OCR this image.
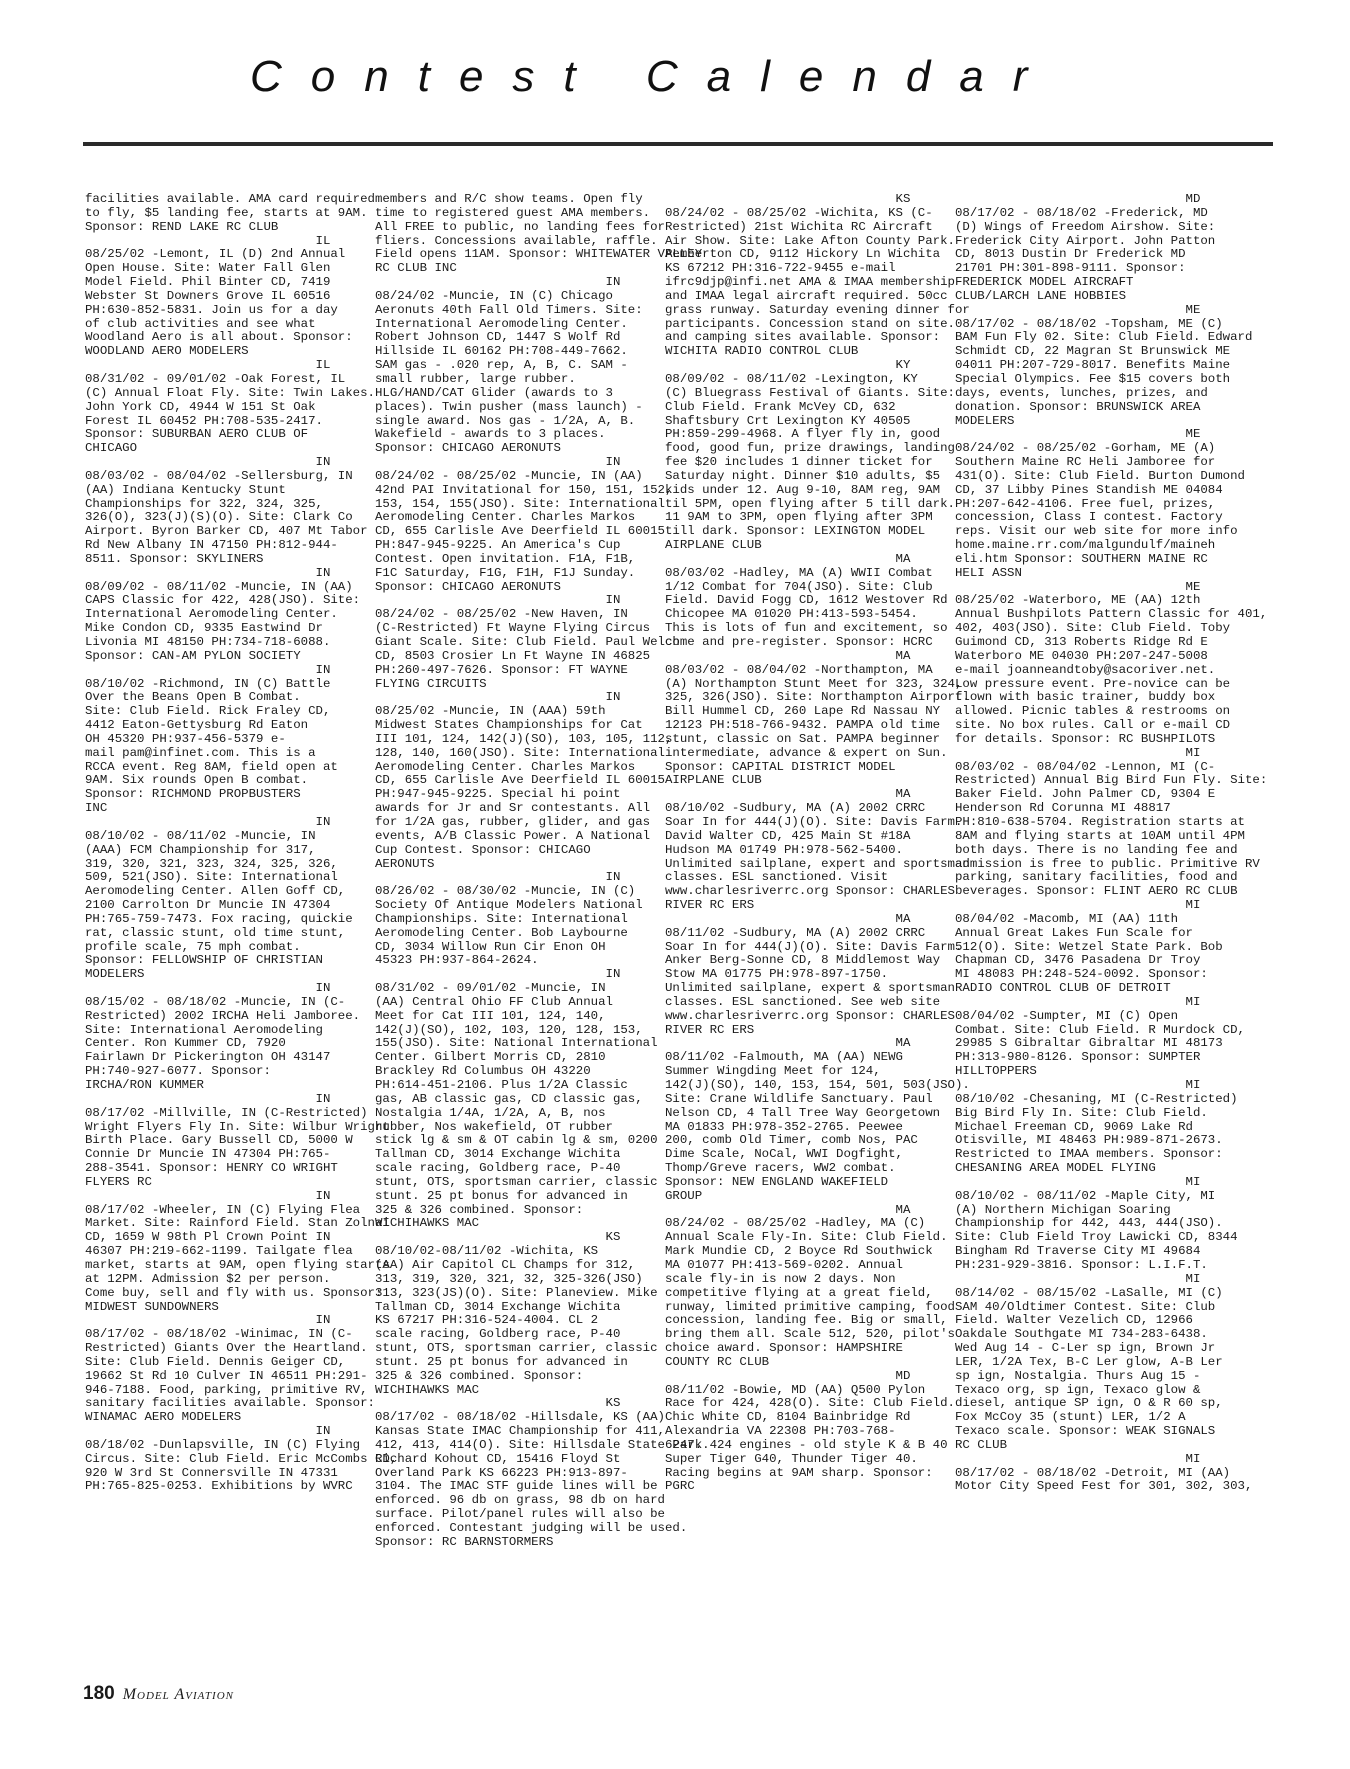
Contest Calendar
facilities available. AMA card required
to fly, $5 landing fee, starts at 9AM.
Sponsor: REND LAKE RC CLUB
IL
08/25/02 -Lemont, IL (D) 2nd Annual
Open House. Site: Water Fall Glen
Model Field. Phil Binter CD, 7419
Webster St Downers Grove IL 60516
PH:630-852-5831. Join us for a day
of club activities and see what
Woodland Aero is all about. Sponsor:
WOODLAND AERO MODELERS
IL
08/31/02 - 09/01/02 -Oak Forest, IL
(C) Annual Float Fly. Site: Twin Lakes.
John York CD, 4944 W 151 St Oak
Forest IL 60452 PH:708-535-2417.
Sponsor: SUBURBAN AERO CLUB OF
CHICAGO
IN
08/03/02 - 08/04/02 -Sellersburg, IN
(AA) Indiana Kentucky Stunt
Championships for 322, 324, 325,
326(O), 323(J)(S)(O). Site: Clark Co
Airport. Byron Barker CD, 407 Mt Tabor
Rd New Albany IN 47150 PH:812-944-
8511. Sponsor: SKYLINERS
IN
08/09/02 - 08/11/02 -Muncie, IN (AA)
CAPS Classic for 422, 428(JSO). Site:
International Aeromodeling Center.
Mike Condon CD, 9335 Eastwind Dr
Livonia MI 48150 PH:734-718-6088.
Sponsor: CAN-AM PYLON SOCIETY
IN
08/10/02 -Richmond, IN (C) Battle
Over the Beans Open B Combat.
Site: Club Field. Rick Fraley CD,
4412 Eaton-Gettysburg Rd Eaton
OH 45320 PH:937-456-5379 e-
mail pam@infinet.com. This is a
RCCA event. Reg 8AM, field open at
9AM. Six rounds Open B combat.
Sponsor: RICHMOND PROPBUSTERS
INC
IN
08/10/02 - 08/11/02 -Muncie, IN
(AAA) FCM Championship for 317,
319, 320, 321, 323, 324, 325, 326,
509, 521(JSO). Site: International
Aeromodeling Center. Allen Goff CD,
2100 Carrolton Dr Muncie IN 47304
PH:765-759-7473. Fox racing, quickie
rat, classic stunt, old time stunt,
profile scale, 75 mph combat.
Sponsor: FELLOWSHIP OF CHRISTIAN
MODELERS
IN
08/15/02 - 08/18/02 -Muncie, IN (C-
Restricted) 2002 IRCHA Heli Jamboree.
Site: International Aeromodeling
Center. Ron Kummer CD, 7920
Fairlawn Dr Pickerington OH 43147
PH:740-927-6077. Sponsor:
IRCHA/RON KUMMER
IN
08/17/02 -Millville, IN (C-Restricted)
Wright Flyers Fly In. Site: Wilbur Wright
Birth Place. Gary Bussell CD, 5000 W
Connie Dr Muncie IN 47304 PH:765-
288-3541. Sponsor: HENRY CO WRIGHT
FLYERS RC
IN
08/17/02 -Wheeler, IN (C) Flying Flea
Market. Site: Rainford Field. Stan Zolnai
CD, 1659 W 98th Pl Crown Point IN
46307 PH:219-662-1199. Tailgate flea
market, starts at 9AM, open flying starts
at 12PM. Admission $2 per person.
Come buy, sell and fly with us. Sponsor:
MIDWEST SUNDOWNERS
IN
08/17/02 - 08/18/02 -Winimac, IN (C-
Restricted) Giants Over the Heartland.
Site: Club Field. Dennis Geiger CD,
19662 St Rd 10 Culver IN 46511 PH:291-
946-7188. Food, parking, primitive RV,
sanitary facilities available. Sponsor:
WINAMAC AERO MODELERS
IN
08/18/02 -Dunlapsville, IN (C) Flying
Circus. Site: Club Field. Eric McCombs CD,
920 W 3rd St Connersville IN 47331
PH:765-825-0253. Exhibitions by WVRC
members and R/C show teams. Open fly
time to registered guest AMA members.
All FREE to public, no landing fees for
fliers. Concessions available, raffle.
Field opens 11AM. Sponsor: WHITEWATER VALLEY
RC CLUB INC
IN
08/24/02 -Muncie, IN (C) Chicago
Aeronuts 40th Fall Old Timers. Site:
International Aeromodeling Center.
Robert Johnson CD, 1447 S Wolf Rd
Hillside IL 60162 PH:708-449-7662.
SAM gas - .020 rep, A, B, C. SAM -
small rubber, large rubber.
HLG/HAND/CAT Glider (awards to 3
places). Twin pusher (mass launch) -
single award. Nos gas - 1/2A, A, B.
Wakefield - awards to 3 places.
Sponsor: CHICAGO AERONUTS
IN
08/24/02 - 08/25/02 -Muncie, IN (AA)
42nd PAI Invitational for 150, 151, 152,
153, 154, 155(JSO). Site: International
Aeromodeling Center. Charles Markos
CD, 655 Carlisle Ave Deerfield IL 60015
PH:847-945-9225. An America's Cup
Contest. Open invitation. F1A, F1B,
F1C Saturday, F1G, F1H, F1J Sunday.
Sponsor: CHICAGO AERONUTS
IN
08/24/02 - 08/25/02 -New Haven, IN
(C-Restricted) Ft Wayne Flying Circus
Giant Scale. Site: Club Field. Paul Welch
CD, 8503 Crosier Ln Ft Wayne IN 46825
PH:260-497-7626. Sponsor: FT WAYNE
FLYING CIRCUITS
IN
08/25/02 -Muncie, IN (AAA) 59th
Midwest States Championships for Cat
III 101, 124, 142(J)(SO), 103, 105, 112,
128, 140, 160(JSO). Site: International
Aeromodeling Center. Charles Markos
CD, 655 Carlisle Ave Deerfield IL 60015
PH:947-945-9225. Special hi point
awards for Jr and Sr contestants. All
for 1/2A gas, rubber, glider, and gas
events, A/B Classic Power. A National
Cup Contest. Sponsor: CHICAGO
AERONUTS
IN
08/26/02 - 08/30/02 -Muncie, IN (C)
Society Of Antique Modelers National
Championships. Site: International
Aeromodeling Center. Bob Laybourne
CD, 3034 Willow Run Cir Enon OH
45323 PH:937-864-2624.
IN
08/31/02 - 09/01/02 -Muncie, IN
(AA) Central Ohio FF Club Annual
Meet for Cat III 101, 124, 140,
142(J)(SO), 102, 103, 120, 128, 153,
155(JSO). Site: National International
Center. Gilbert Morris CD, 2810
Brackley Rd Columbus OH 43220
PH:614-451-2106. Plus 1/2A Classic
gas, AB classic gas, CD classic gas,
Nostalgia 1/4A, 1/2A, A, B, nos
rubber, Nos wakefield, OT rubber
stick lg & sm & OT cabin lg & sm, 0200
Tallman CD, 3014 Exchange Wichita
scale racing, Goldberg race, P-40
stunt, OTS, sportsman carrier, classic
stunt. 25 pt bonus for advanced in
325 & 326 combined. Sponsor:
WICHIHAWKS MAC
KS
08/10/02-08/11/02 -Wichita, KS
(AA) Air Capitol CL Champs for 312,
313, 319, 320, 321, 32, 325-326(JSO)
313, 323(JS)(O). Site: Planeview. Mike
Tallman CD, 3014 Exchange Wichita
KS 67217 PH:316-524-4004. CL 2
scale racing, Goldberg race, P-40
stunt, OTS, sportsman carrier, classic
stunt. 25 pt bonus for advanced in
325 & 326 combined. Sponsor:
WICHIHAWKS MAC
KS
08/17/02 - 08/18/02 -Hillsdale, KS (AA)
Kansas State IMAC Championship for 411,
412, 413, 414(O). Site: Hillsdale State Park.
Richard Kohout CD, 15416 Floyd St
Overland Park KS 66223 PH:913-897-
3104. The IMAC STF guide lines will be
enforced. 96 db on grass, 98 db on hard
surface. Pilot/panel rules will also be
enforced. Contestant judging will be used.
Sponsor: RC BARNSTORMERS
KS
08/24/02 - 08/25/02 -Wichita, KS (C-
Restricted) 21st Wichita RC Aircraft
Air Show. Site: Lake Afton County Park.
Pemberton CD, 9112 Hickory Ln Wichita
KS 67212 PH:316-722-9455 e-mail
ifrc9djp@infi.net AMA & IMAA membership
and IMAA legal aircraft required. 50cc
grass runway. Saturday evening dinner for
participants. Concession stand on site.
and camping sites available. Sponsor:
WICHITA RADIO CONTROL CLUB
KY
08/09/02 - 08/11/02 -Lexington, KY
(C) Bluegrass Festival of Giants. Site:
Club Field. Frank McVey CD, 632
Shaftsbury Crt Lexington KY 40505
PH:859-299-4968. A flyer fly in, good
food, good fun, prize drawings, landing
fee $20 includes 1 dinner ticket for
Saturday night. Dinner $10 adults, $5
kids under 12. Aug 9-10, 8AM reg, 9AM
til 5PM, open flying after 5 till dark.
11 9AM to 3PM, open flying after 3PM
till dark. Sponsor: LEXINGTON MODEL
AIRPLANE CLUB
MA
08/03/02 -Hadley, MA (A) WWII Combat
1/12 Combat for 704(JSO). Site: Club
Field. David Fogg CD, 1612 Westover Rd
Chicopee MA 01020 PH:413-593-5454.
This is lots of fun and excitement, so
come and pre-register. Sponsor: HCRC
MA
08/03/02 - 08/04/02 -Northampton, MA
(A) Northampton Stunt Meet for 323, 324,
325, 326(JSO). Site: Northampton Airport.
Bill Hummel CD, 260 Lape Rd Nassau NY
12123 PH:518-766-9432. PAMPA old time
stunt, classic on Sat. PAMPA beginner
intermediate, advance & expert on Sun.
Sponsor: CAPITAL DISTRICT MODEL
AIRPLANE CLUB
MA
08/10/02 -Sudbury, MA (A) 2002 CRRC
Soar In for 444(J)(O). Site: Davis Farm.
David Walter CD, 425 Main St #18A
Hudson MA 01749 PH:978-562-5400.
Unlimited sailplane, expert and sportsman
classes. ESL sanctioned. Visit
www.charlesriverrc.org Sponsor: CHARLES
RIVER RC ERS
MA
08/11/02 -Sudbury, MA (A) 2002 CRRC
Soar In for 444(J)(O). Site: Davis Farm.
Anker Berg-Sonne CD, 8 Middlemost Way
Stow MA 01775 PH:978-897-1750.
Unlimited sailplane, expert & sportsman
classes. ESL sanctioned. See web site
www.charlesriverrc.org Sponsor: CHARLES
RIVER RC ERS
MA
08/11/02 -Falmouth, MA (AA) NEWG
Summer Wingding Meet for 124,
142(J)(SO), 140, 153, 154, 501, 503(JSO).
Site: Crane Wildlife Sanctuary. Paul
Nelson CD, 4 Tall Tree Way Georgetown
MA 01833 PH:978-352-2765. Peewee
200, comb Old Timer, comb Nos, PAC
Dime Scale, NoCal, WWI Dogfight,
Thomp/Greve racers, WW2 combat.
Sponsor: NEW ENGLAND WAKEFIELD
GROUP
MA
08/24/02 - 08/25/02 -Hadley, MA (C)
Annual Scale Fly-In. Site: Club Field.
Mark Mundie CD, 2 Boyce Rd Southwick
MA 01077 PH:413-569-0202. Annual
scale fly-in is now 2 days. Non
competitive flying at a great field,
runway, limited primitive camping, food
concession, landing fee. Big or small,
bring them all. Scale 512, 520, pilot's
choice award. Sponsor: HAMPSHIRE
COUNTY RC CLUB
MD
08/11/02 -Bowie, MD (AA) Q500 Pylon
Race for 424, 428(O). Site: Club Field.
Chic White CD, 8104 Bainbridge Rd
Alexandria VA 22308 PH:703-768-
6247. 424 engines - old style K & B 40
Super Tiger G40, Thunder Tiger 40.
Racing begins at 9AM sharp. Sponsor:
PGRC
MD
08/17/02 - 08/18/02 -Frederick, MD
(D) Wings of Freedom Airshow. Site:
Frederick City Airport. John Patton
CD, 8013 Dustin Dr Frederick MD
21701 PH:301-898-9111. Sponsor:
FREDERICK MODEL AIRCRAFT
CLUB/LARCH LANE HOBBIES
ME
08/17/02 - 08/18/02 -Topsham, ME (C)
BAM Fun Fly 02. Site: Club Field. Edward
Schmidt CD, 22 Magran St Brunswick ME
04011 PH:207-729-8017. Benefits Maine
Special Olympics. Fee $15 covers both
days, events, lunches, prizes, and
donation. Sponsor: BRUNSWICK AREA
MODELERS
ME
08/24/02 - 08/25/02 -Gorham, ME (A)
Southern Maine RC Heli Jamboree for
431(O). Site: Club Field. Burton Dumond
CD, 37 Libby Pines Standish ME 04084
PH:207-642-4106. Free fuel, prizes,
concession, Class I contest. Factory
reps. Visit our web site for more info
home.maine.rr.com/malgundulf/maineh
eli.htm Sponsor: SOUTHERN MAINE RC
HELI ASSN
ME
08/25/02 -Waterboro, ME (AA) 12th
Annual Bushpilots Pattern Classic for 401,
402, 403(JSO). Site: Club Field. Toby
Guimond CD, 313 Roberts Ridge Rd E
Waterboro ME 04030 PH:207-247-5008
e-mail joanneandtoby@sacoriver.net.
Low pressure event. Pre-novice can be
flown with basic trainer, buddy box
allowed. Picnic tables & restrooms on
site. No box rules. Call or e-mail CD
for details. Sponsor: RC BUSHPILOTS
MI
08/03/02 - 08/04/02 -Lennon, MI (C-
Restricted) Annual Big Bird Fun Fly. Site:
Baker Field. John Palmer CD, 9304 E
Henderson Rd Corunna MI 48817
PH:810-638-5704. Registration starts at
8AM and flying starts at 10AM until 4PM
both days. There is no landing fee and
admission is free to public. Primitive RV
parking, sanitary facilities, food and
beverages. Sponsor: FLINT AERO RC CLUB
MI
08/04/02 -Macomb, MI (AA) 11th
Annual Great Lakes Fun Scale for
512(O). Site: Wetzel State Park. Bob
Chapman CD, 3476 Pasadena Dr Troy
MI 48083 PH:248-524-0092. Sponsor:
RADIO CONTROL CLUB OF DETROIT
MI
08/04/02 -Sumpter, MI (C) Open
Combat. Site: Club Field. R Murdock CD,
29985 S Gibraltar Gibraltar MI 48173
PH:313-980-8126. Sponsor: SUMPTER
HILLTOPPERS
MI
08/10/02 -Chesaning, MI (C-Restricted)
Big Bird Fly In. Site: Club Field.
Michael Freeman CD, 9069 Lake Rd
Otisville, MI 48463 PH:989-871-2673.
Restricted to IMAA members. Sponsor:
CHESANING AREA MODEL FLYING
MI
08/10/02 - 08/11/02 -Maple City, MI
(A) Northern Michigan Soaring
Championship for 442, 443, 444(JSO).
Site: Club Field Troy Lawicki CD, 8344
Bingham Rd Traverse City MI 49684
PH:231-929-3816. Sponsor: L.I.F.T.
MI
08/14/02 - 08/15/02 -LaSalle, MI (C)
SAM 40/Oldtimer Contest. Site: Club
Field. Walter Vezelich CD, 12966
Oakdale Southgate MI 734-283-6438.
Wed Aug 14 - C-Ler sp ign, Brown Jr
LER, 1/2A Tex, B-C Ler glow, A-B Ler
sp ign, Nostalgia. Thurs Aug 15 -
Texaco org, sp ign, Texaco glow &
diesel, antique SP ign, O & R 60 sp,
Fox McCoy 35 (stunt) LER, 1/2 A
Texaco scale. Sponsor: WEAK SIGNALS
RC CLUB
MI
08/17/02 - 08/18/02 -Detroit, MI (AA)
Motor City Speed Fest for 301, 302, 303,
180 Model Aviation
